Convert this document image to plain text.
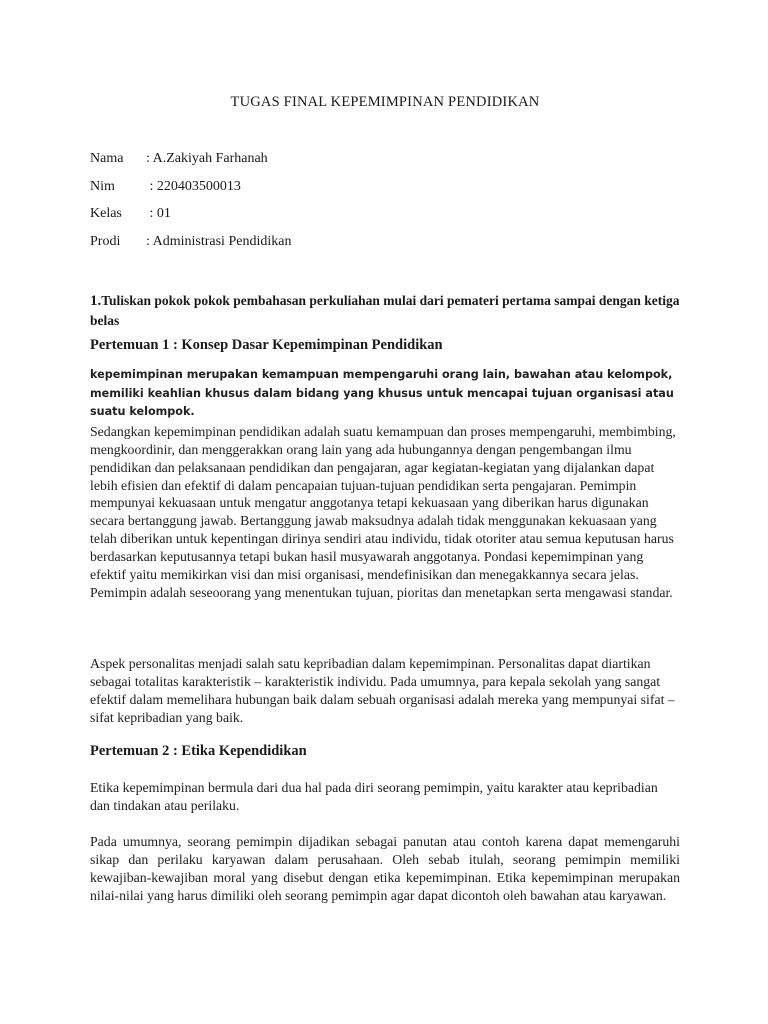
TUGAS FINAL KEPEMIMPINAN PENDIDIKAN
Nama : A.Zakiyah Farhanah
Nim : 220403500013
Kelas : 01
Prodi : Administrasi Pendidikan
1.Tuliskan pokok pokok pembahasan perkuliahan mulai dari pemateri pertama sampai dengan ketiga belas
Pertemuan 1 : Konsep Dasar Kepemimpinan Pendidikan
kepemimpinan merupakan kemampuan mempengaruhi orang lain, bawahan atau kelompok, memiliki keahlian khusus dalam bidang yang khusus untuk mencapai tujuan organisasi atau suatu kelompok.
Sedangkan kepemimpinan pendidikan adalah suatu kemampuan dan proses mempengaruhi, membimbing, mengkoordinir, dan menggerakkan orang lain yang ada hubungannya dengan pengembangan ilmu pendidikan dan pelaksanaan pendidikan dan pengajaran, agar kegiatan-kegiatan yang dijalankan dapat lebih efisien dan efektif di dalam pencapaian tujuan-tujuan pendidikan serta pengajaran. Pemimpin mempunyai kekuasaan untuk mengatur anggotanya tetapi kekuasaan yang diberikan harus digunakan secara bertanggung jawab. Bertanggung jawab maksudnya adalah tidak menggunakan kekuasaan yang telah diberikan untuk kepentingan dirinya sendiri atau individu, tidak otoriter atau semua keputusan harus berdasarkan keputusannya tetapi bukan hasil musyawarah anggotanya. Pondasi kepemimpinan yang efektif yaitu memikirkan visi dan misi organisasi, mendefinisikan dan menegakkannya secara jelas. Pemimpin adalah seseoorang yang menentukan tujuan, pioritas dan menetapkan serta mengawasi standar.
Aspek personalitas menjadi salah satu kepribadian dalam kepemimpinan. Personalitas dapat diartikan sebagai totalitas karakteristik – karakteristik individu. Pada umumnya, para kepala sekolah yang sangat efektif dalam memelihara hubungan baik dalam sebuah organisasi adalah mereka yang mempunyai sifat – sifat kepribadian yang baik.
Pertemuan 2 : Etika Kependidikan
Etika kepemimpinan bermula dari dua hal pada diri seorang pemimpin, yaitu karakter atau kepribadian dan tindakan atau perilaku.
Pada umumnya, seorang pemimpin dijadikan sebagai panutan atau contoh karena dapat memengaruhi sikap dan perilaku karyawan dalam perusahaan. Oleh sebab itulah, seorang pemimpin memiliki kewajiban-kewajiban moral yang disebut dengan etika kepemimpinan. Etika kepemimpinan merupakan nilai-nilai yang harus dimiliki oleh seorang pemimpin agar dapat dicontoh oleh bawahan atau karyawan.
